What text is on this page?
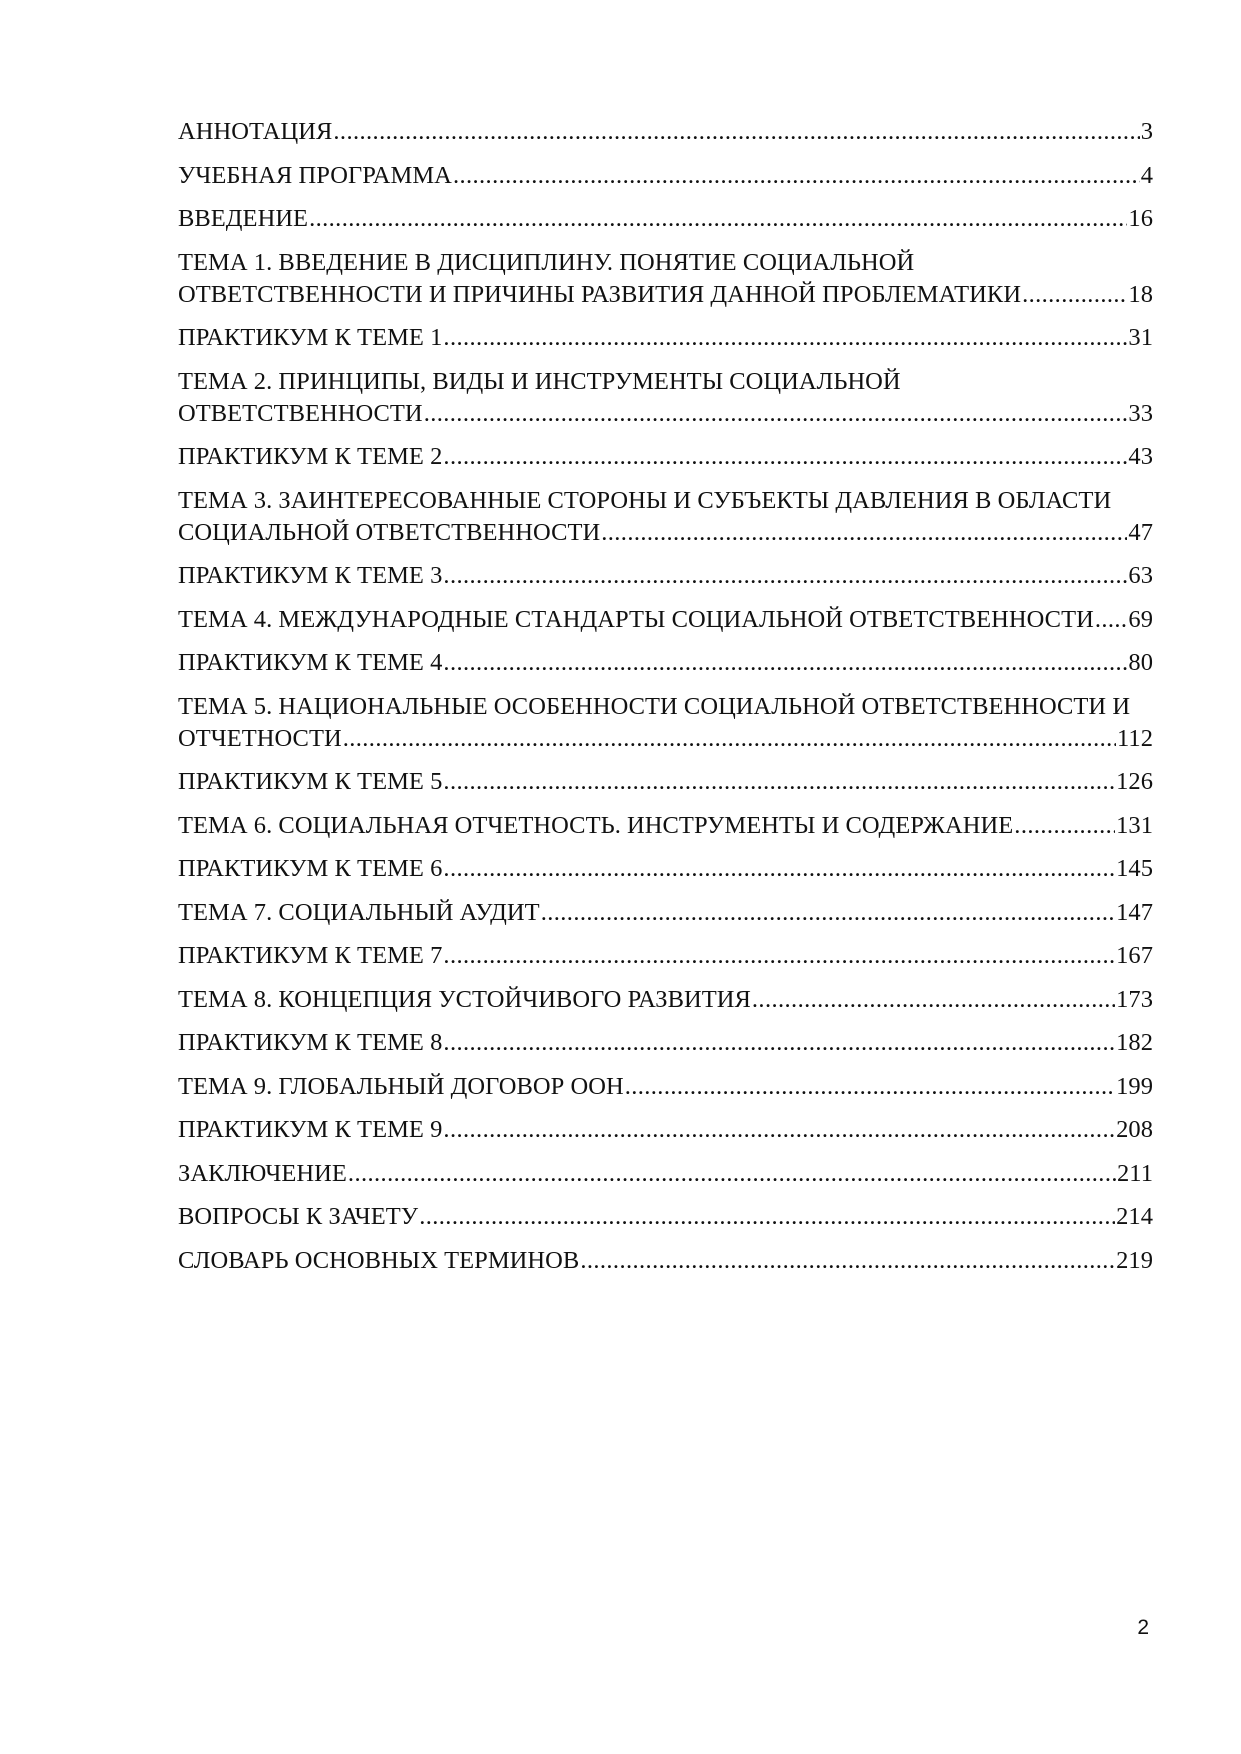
АННОТАЦИЯ .....	3
УЧЕБНАЯ ПРОГРАММА .....	4
ВВЕДЕНИЕ .....	16
ТЕМА 1. ВВЕДЕНИЕ В ДИСЦИПЛИНУ. ПОНЯТИЕ СОЦИАЛЬНОЙ
ОТВЕТСТВЕННОСТИ И ПРИЧИНЫ РАЗВИТИЯ ДАННОЙ ПРОБЛЕМАТИКИ .....	18
ПРАКТИКУМ К ТЕМЕ 1 .....	31
ТЕМА 2. ПРИНЦИПЫ, ВИДЫ И ИНСТРУМЕНТЫ СОЦИАЛЬНОЙ
ОТВЕТСТВЕННОСТИ .....	33
ПРАКТИКУМ К ТЕМЕ 2 .....	43
ТЕМА 3. ЗАИНТЕРЕСОВАННЫЕ СТОРОНЫ И СУБЪЕКТЫ ДАВЛЕНИЯ В ОБЛАСТИ
СОЦИАЛЬНОЙ ОТВЕТСТВЕННОСТИ .....	47
ПРАКТИКУМ К ТЕМЕ 3 .....	63
ТЕМА 4. МЕЖДУНАРОДНЫЕ СТАНДАРТЫ СОЦИАЛЬНОЙ ОТВЕТСТВЕННОСТИ ..... 69
ПРАКТИКУМ К ТЕМЕ 4 .....	80
ТЕМА 5. НАЦИОНАЛЬНЫЕ ОСОБЕННОСТИ СОЦИАЛЬНОЙ ОТВЕТСТВЕННОСТИ И
ОТЧЕТНОСТИ .....	112
ПРАКТИКУМ К ТЕМЕ 5 .....	126
ТЕМА 6. СОЦИАЛЬНАЯ ОТЧЕТНОСТЬ. ИНСТРУМЕНТЫ И СОДЕРЖАНИЕ .....	131
ПРАКТИКУМ К ТЕМЕ 6 .....	145
ТЕМА 7. СОЦИАЛЬНЫЙ АУДИТ .....	147
ПРАКТИКУМ К ТЕМЕ 7 .....	167
ТЕМА 8. КОНЦЕПЦИЯ УСТОЙЧИВОГО РАЗВИТИЯ .....	173
ПРАКТИКУМ К ТЕМЕ 8 .....	182
ТЕМА 9. ГЛОБАЛЬНЫЙ ДОГОВОР ООН .....	199
ПРАКТИКУМ К ТЕМЕ 9 .....	208
ЗАКЛЮЧЕНИЕ .....	211
ВОПРОСЫ К ЗАЧЕТУ .....	214
СЛОВАРЬ ОСНОВНЫХ ТЕРМИНОВ .....	219
2
